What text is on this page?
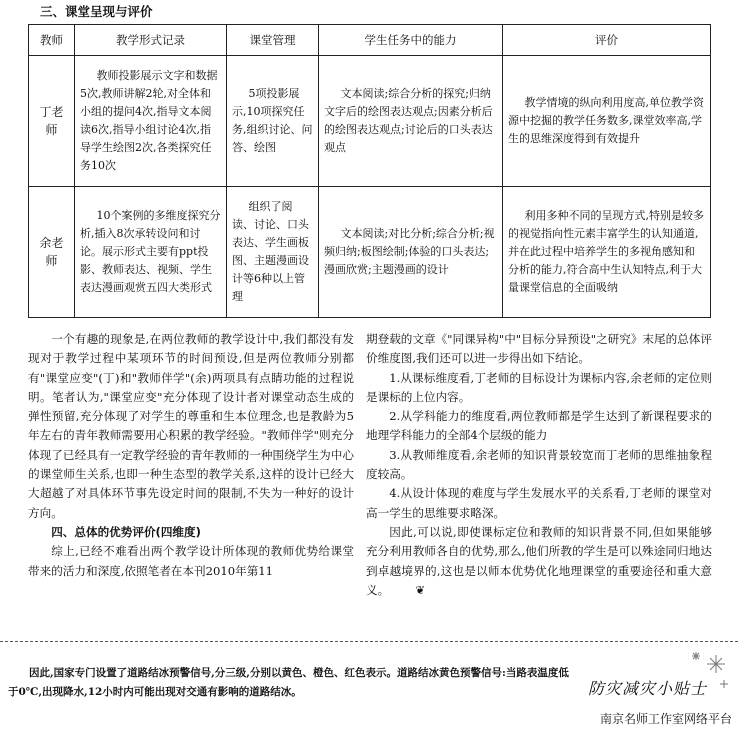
三、课堂呈现与评价
教师	教学形式记录	课堂管理	学生任务中的能力	评价
丁老师	教师投影展示文字和数据5次,教师讲解2轮,对全体和小组的提问4次,指导文本阅读6次,指导小组讨论4次,指导学生绘图2次,各类探究任务10次	5项投影展示,10项探究任务,组织讨论、问答、绘图	文本阅读;综合分析的探究;归纳文字后的绘图表达观点;因素分析后的绘图表达观点;讨论后的口头表达观点	教学情境的纵向利用度高,单位教学资源中挖掘的教学任务数多,课堂效率高,学生的思维深度得到有效提升
余老师	10个案例的多维度探究分析,插入8次承转设问和讨论。展示形式主要有ppt投影、教师表达、视频、学生表达漫画观赏五四大类形式	组织了阅读、讨论、口头表达、学生画板图、主题漫画设计等6种以上管理	文本阅读;对比分析;综合分析;视频归纳;板图绘制;体验的口头表达;漫画欣赏;主题漫画的设计	利用多种不同的呈现方式,特别是较多的视觉指向性元素丰富学生的认知通道,并在此过程中培养学生的多视角感知和分析的能力,符合高中生认知特点,利于大量课堂信息的全面吸纳

一个有趣的现象是,在两位教师的教学设计中,我们都没有发现对于教学过程中某项环节的时间预设,但是两位教师分别都有"课堂应变"(丁)和"教师伴学"(余)两项具有点睛功能的过程说明。笔者认为,"课堂应变"充分体现了设计者对课堂动态生成的弹性预留,充分体现了对学生的尊重和生本位理念,也是教龄为5年左右的青年教师需要用心积累的教学经验。"教师伴学"则充分体现了已经具有一定教学经验的青年教师的一种围绕学生为中心的课堂师生关系,也即一种生态型的教学关系,这样的设计已经大大超越了对具体环节事先设定时间的限制,不失为一种好的设计方向。

四、总体的优势评价(四维度)

综上,已经不难看出两个教学设计所体现的教师优势给课堂带来的活力和深度,依照笔者在本刊2010年第11

期登载的文章《"同课异构"中"目标分异预设"之研究》末尾的总体评价维度图,我们还可以进一步得出如下结论。

1.从课标维度看,丁老师的目标设计为课标内容,余老师的定位则是课标的上位内容。

2.从学科能力的维度看,两位教师都是学生达到了新课程要求的地理学科能力的全部4个层级的能力

3.从教师维度看,余老师的知识背景较宽而丁老师的思维抽象程度较高。

4.从设计体现的难度与学生发展水平的关系看,丁老师的课堂对高一学生的思维要求略深。

因此,可以说,即使课标定位和教师的知识背景不同,但如果能够充分利用教师各自的优势,那么,他们所教的学生是可以殊途同归地达到卓越境界的,这也是以师本优势优化地理课堂的重要途径和重大意义。 ❦

因此,国家专门设置了道路结冰预警信号,分三级,分别以黄色、橙色、红色表示。道路结冰黄色预警信号:当路表温度低于0℃,出现降水,12小时内可能出现对交通有影响的道路结冰。	防灾减灾小贴士
南京名师工作室网络平台
